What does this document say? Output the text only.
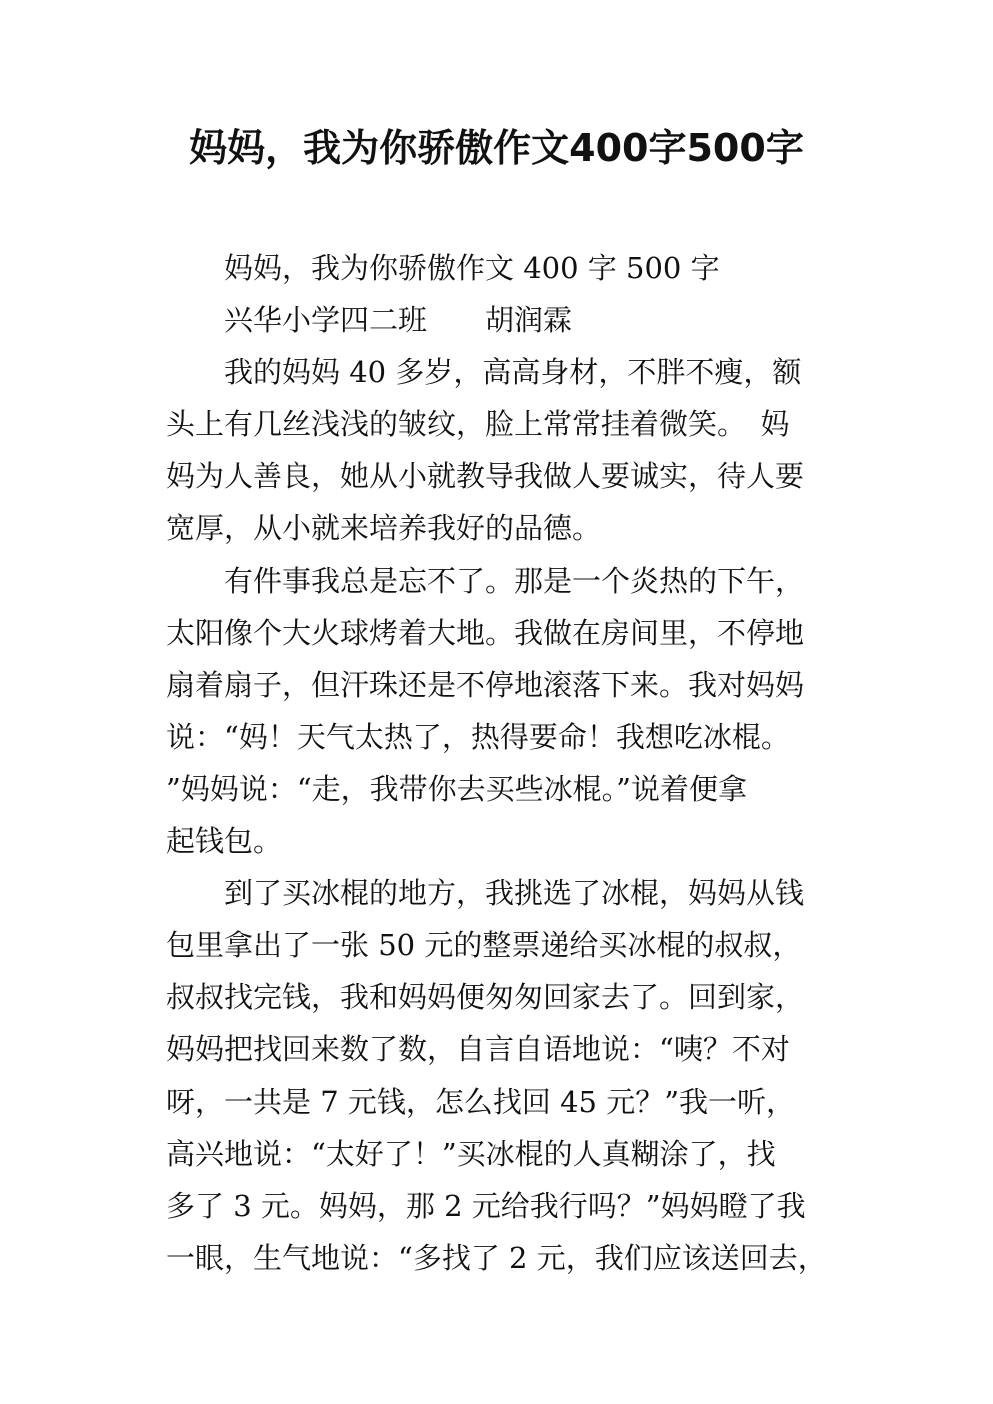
妈妈，我为你骄傲作文400字500字
妈妈，我为你骄傲作文 400 字 500 字
兴华小学四二班　　胡润霖
我的妈妈 40 多岁，高高身材，不胖不瘦，额
头上有几丝浅浅的皱纹，脸上常常挂着微笑。　妈
妈为人善良，她从小就教导我做人要诚实，待人要
宽厚，从小就来培养我好的品德。
有件事我总是忘不了。那是一个炎热的下午，
太阳像个大火球烤着大地。我做在房间里，不停地
扇着扇子，但汗珠还是不停地滚落下来。我对妈妈
说：“妈！天气太热了，热得要命！我想吃冰棍。
”妈妈说：“走，我带你去买些冰棍。”说着便拿
起钱包。
到了买冰棍的地方，我挑选了冰棍，妈妈从钱
包里拿出了一张 50 元的整票递给买冰棍的叔叔，
叔叔找完钱，我和妈妈便匆匆回家去了。回到家，
妈妈把找回来数了数，自言自语地说：“咦？不对
呀，一共是 7 元钱，怎么找回 45 元？”我一听，
高兴地说：“太好了！”买冰棍的人真糊涂了，找
多了 3 元。妈妈，那 2 元给我行吗？”妈妈瞪了我
一眼，生气地说：“多找了 2 元，我们应该送回去，
